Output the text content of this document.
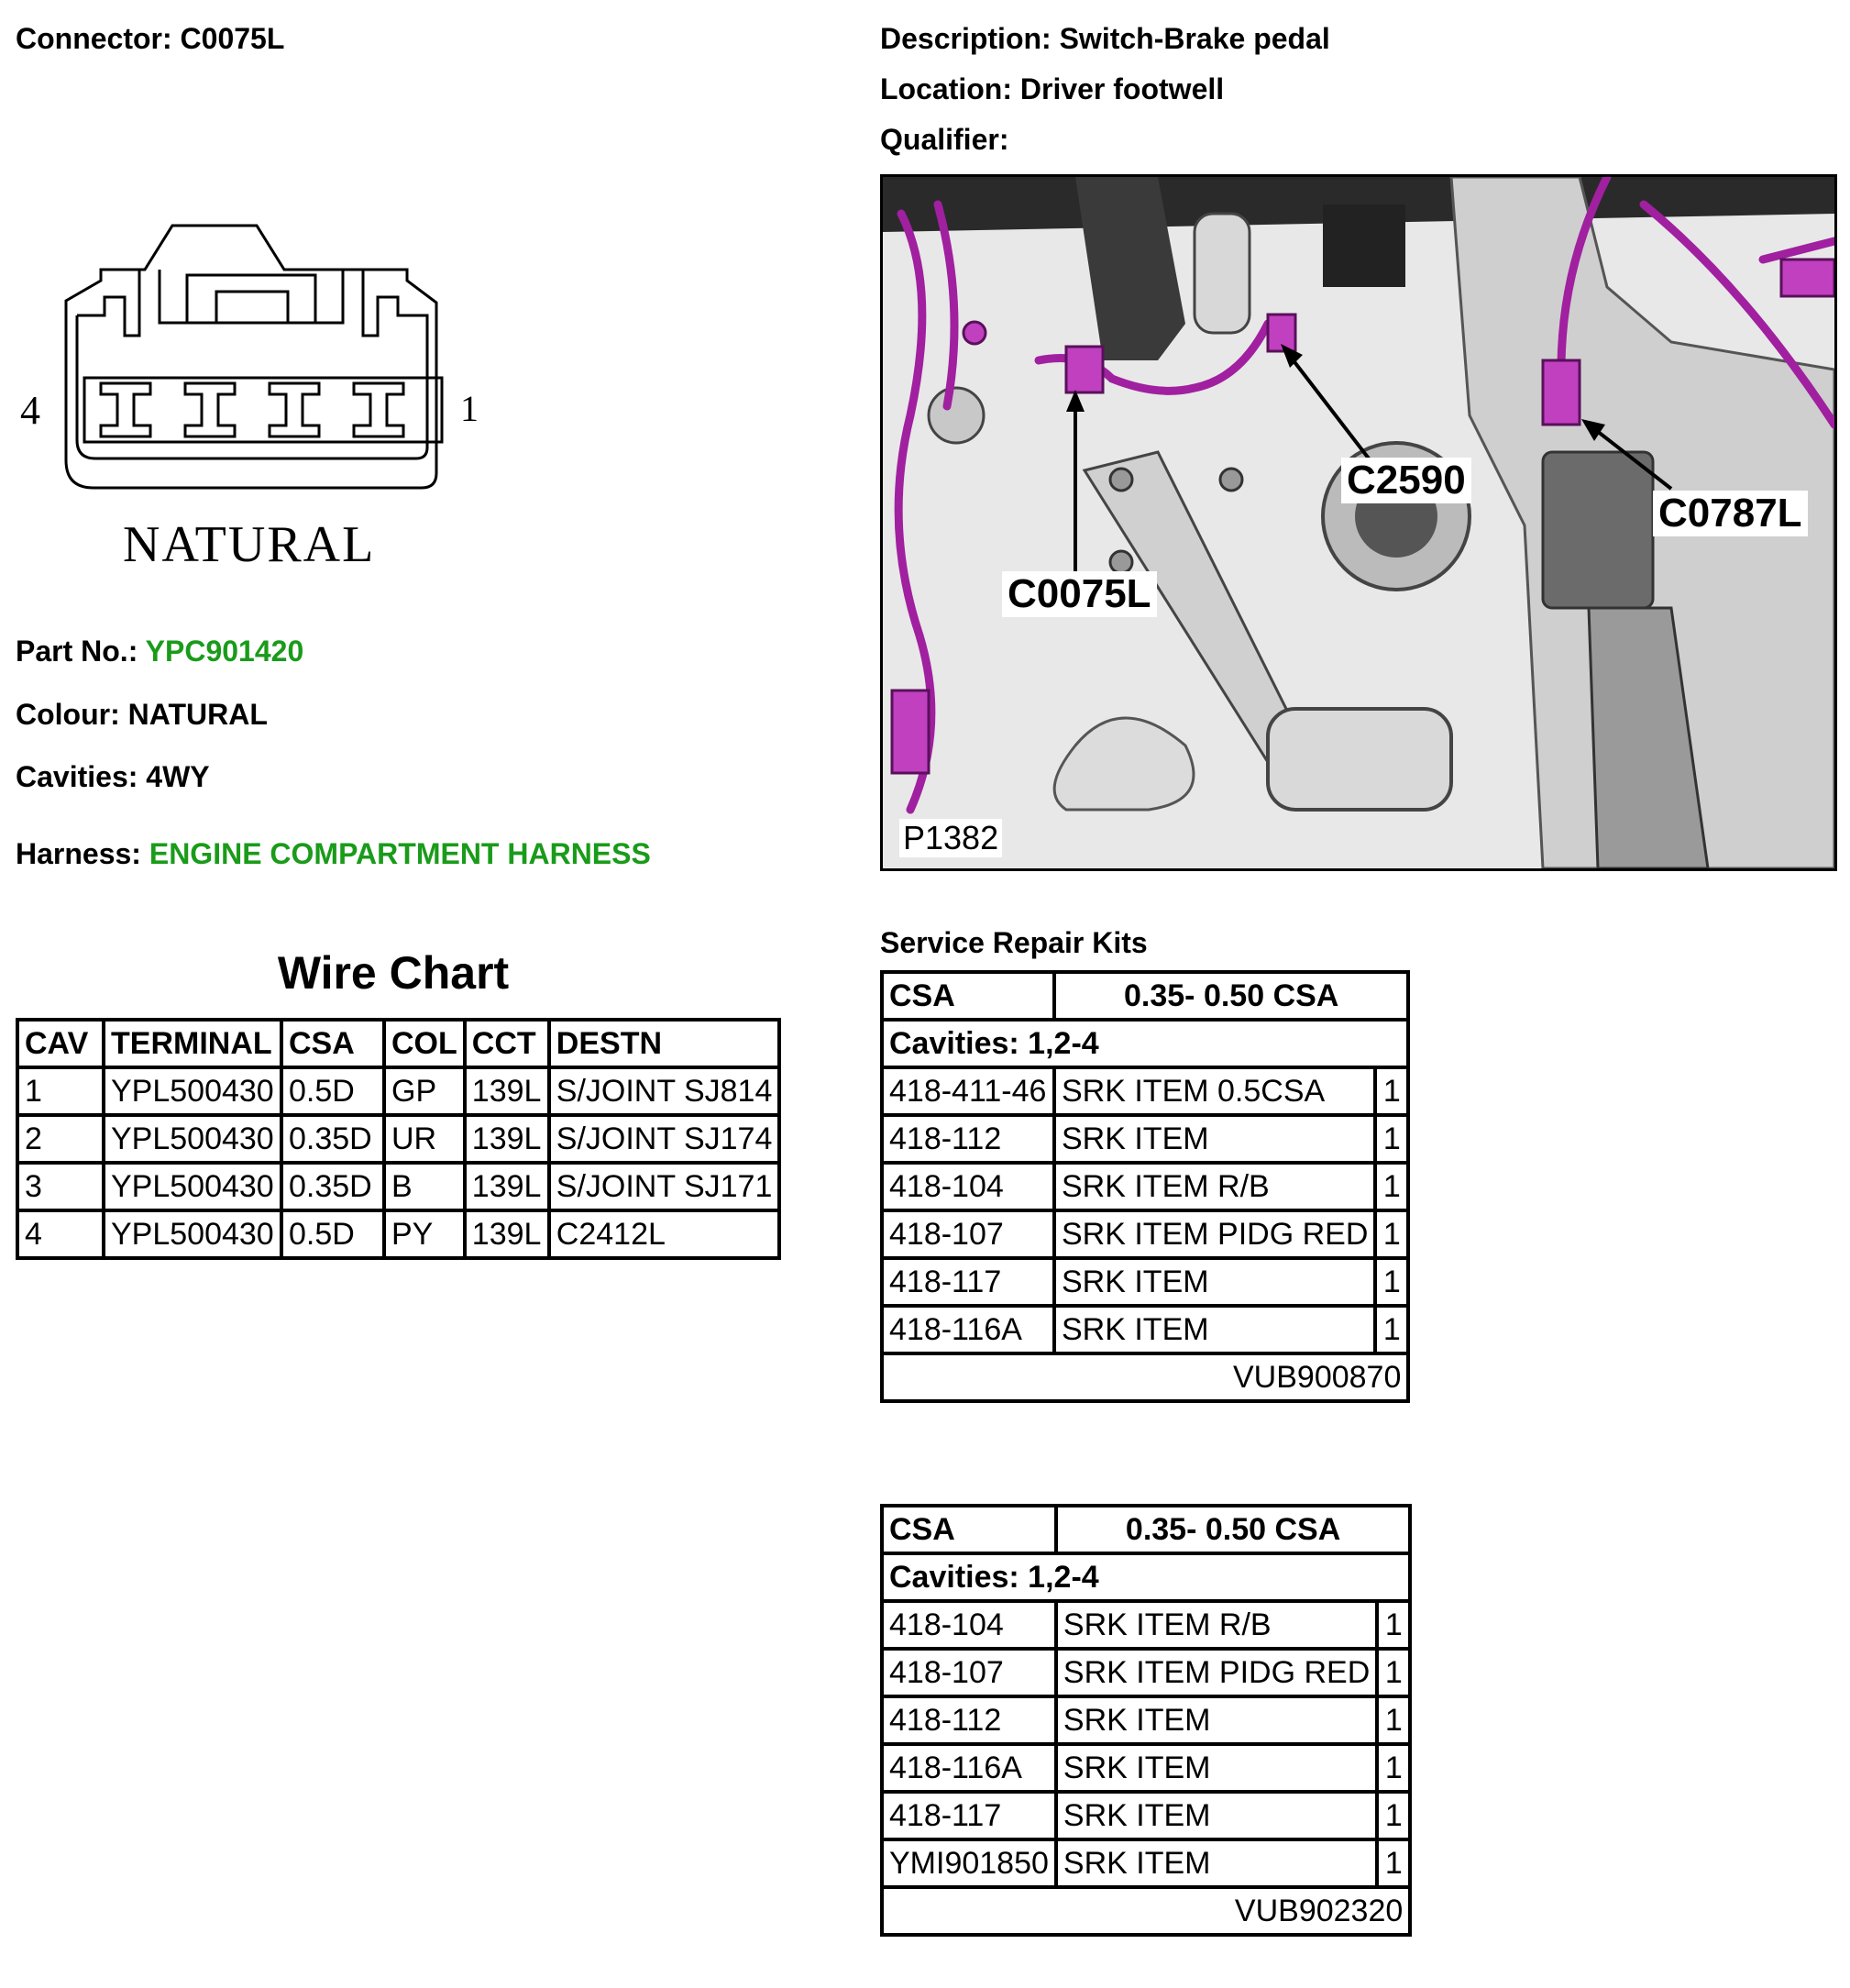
Connector: C0075L	Description: Switch-Brake pedal
Location: Driver footwell
Qualifier:
4	1
NATURAL
Part No.: YPC901420
Colour: NATURAL
Cavities: 4WY
Harness: ENGINE COMPARTMENT HARNESS
Wire Chart
CAV	TERMINAL	CSA	COL	CCT	DESTN
1	YPL500430	0.5D	GP	139L	S/JOINT SJ814
2	YPL500430	0.35D	UR	139L	S/JOINT SJ174
3	YPL500430	0.35D	B	139L	S/JOINT SJ171
4	YPL500430	0.5D	PY	139L	C2412L
C2590
C0787L
C0075L
P1382
Service Repair Kits
CSA	0.35- 0.50 CSA	
Cavities: 1,2-4		
418-411-46	SRK ITEM 0.5CSA	1
418-112	SRK ITEM	1
418-104	SRK ITEM R/B	1
418-107	SRK ITEM PIDG RED	1
418-117	SRK ITEM	1
418-116A	SRK ITEM	1
VUB900870		
CSA	0.35- 0.50 CSA	
Cavities: 1,2-4		
418-104	SRK ITEM R/B	1
418-107	SRK ITEM PIDG RED	1
418-112	SRK ITEM	1
418-116A	SRK ITEM	1
418-117	SRK ITEM	1
YMI901850	SRK ITEM	1
VUB902320		
